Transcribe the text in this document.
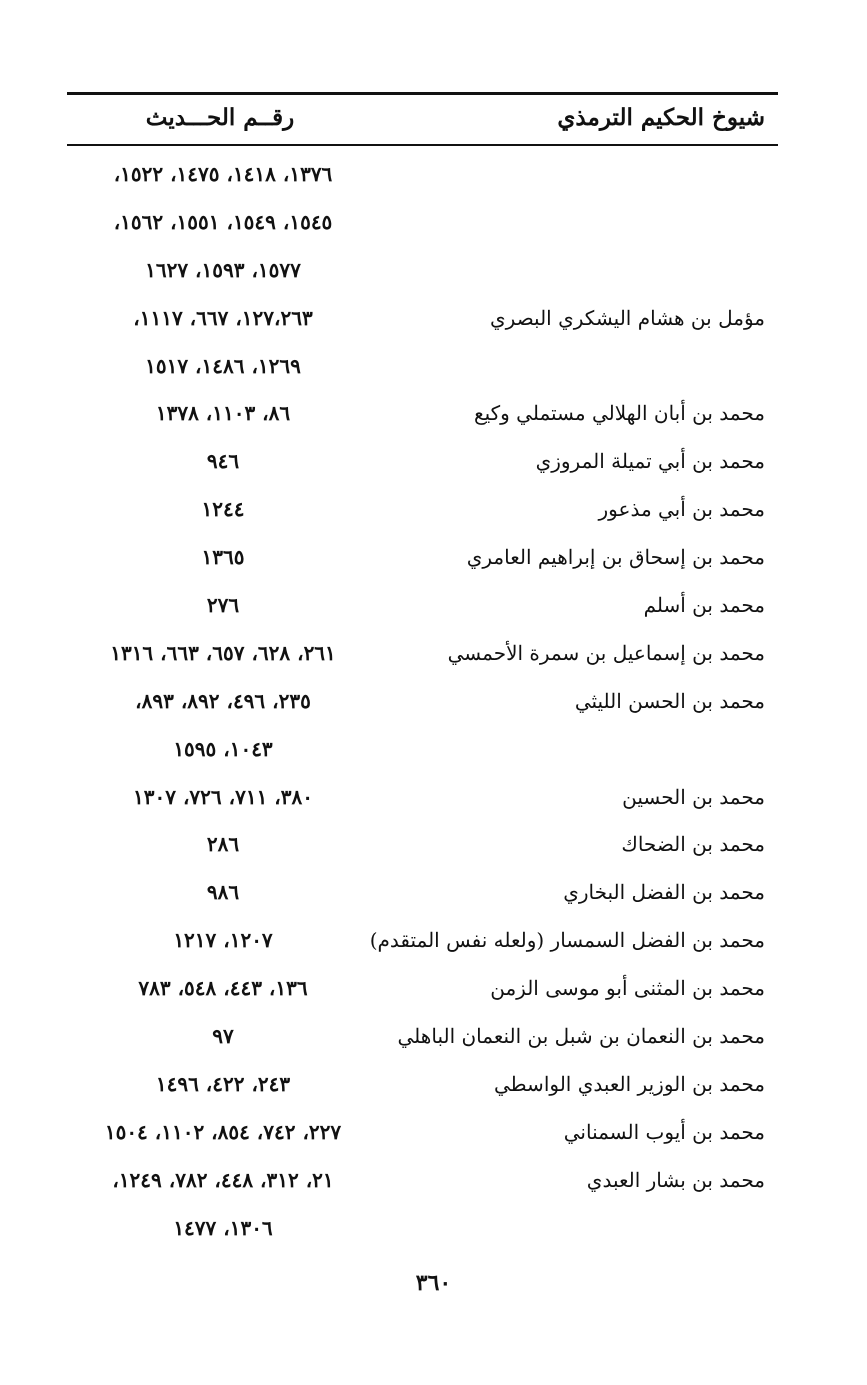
شيوخ الحكيم الترمذي
رقــم الحـــديث
١٣٧٦، ١٤١٨، ١٤٧٥، ١٥٢٢،
١٥٤٥، ١٥٤٩، ١٥٥١، ١٥٦٢،
١٥٧٧، ١٥٩٣، ١٦٢٧
مؤمل بن هشام اليشكري البصري
١٢٧،٢٦٣، ٦٦٧، ١١١٧،
١٢٦٩، ١٤٨٦، ١٥١٧
محمد بن أبان الهلالي مستملي وكيع
٨٦، ١١٠٣، ١٣٧٨
محمد بن أبي تميلة المروزي
٩٤٦
محمد بن أبي مذعور
١٢٤٤
محمد بن إسحاق بن إبراهيم العامري
١٣٦٥
محمد بن أسلم
٢٧٦
محمد بن إسماعيل بن سمرة الأحمسي
٢٦١، ٦٢٨، ٦٥٧، ٦٦٣، ١٣١٦
محمد بن الحسن الليثي
٢٣٥، ٤٩٦، ٨٩٢، ٨٩٣،
١٠٤٣، ١٥٩٥
محمد بن الحسين
٣٨٠، ٧١١، ٧٢٦، ١٣٠٧
محمد بن الضحاك
٢٨٦
محمد بن الفضل البخاري
٩٨٦
محمد بن الفضل السمسار (ولعله نفس المتقدم)
١٢٠٧، ١٢١٧
محمد بن المثنى أبو موسى الزمن
١٣٦، ٤٤٣، ٥٤٨، ٧٨٣
محمد بن النعمان بن شبل بن النعمان الباهلي
٩٧
محمد بن الوزير العبدي الواسطي
٢٤٣، ٤٢٢، ١٤٩٦
محمد بن أيوب السمناني
٢٢٧، ٧٤٢، ٨٥٤، ١١٠٢، ١٥٠٤
محمد بن بشار العبدي
٢١، ٣١٢، ٤٤٨، ٧٨٢، ١٢٤٩،
١٣٠٦، ١٤٧٧
٣٦٠
